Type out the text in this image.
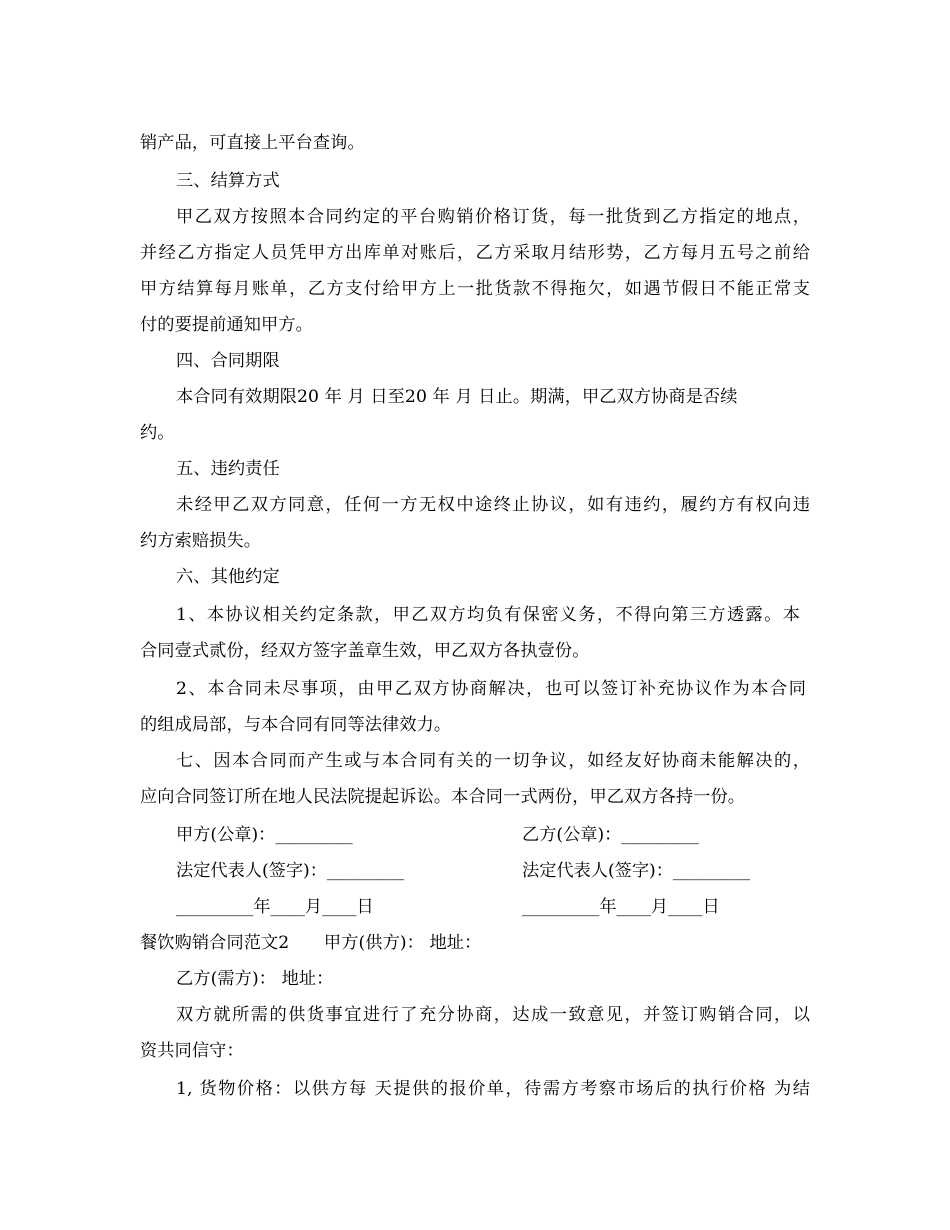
销产品，可直接上平台查询。
三、结算方式
甲乙双方按照本合同约定的平台购销价格订货，每一批货到乙方指定的地点，
并经乙方指定人员凭甲方出库单对账后，乙方采取月结形势，乙方每月五号之前给
甲方结算每月账单，乙方支付给甲方上一批货款不得拖欠，如遇节假日不能正常支
付的要提前通知甲方。
四、合同期限
本合同有效期限20 年 月 日至20 年 月 日止。期满，甲乙双方协商是否续
约。
五、违约责任
未经甲乙双方同意，任何一方无权中途终止协议，如有违约，履约方有权向违
约方索赔损失。
六、其他约定
1、本协议相关约定条款，甲乙双方均负有保密义务，不得向第三方透露。本
合同壹式贰份，经双方签字盖章生效，甲乙双方各执壹份。
2、本合同未尽事项，由甲乙双方协商解决，也可以签订补充协议作为本合同
的组成局部，与本合同有同等法律效力。
七、因本合同而产生或与本合同有关的一切争议，如经友好协商未能解决的，
应向合同签订所在地人民法院提起诉讼。本合同一式两份，甲乙双方各持一份。
甲方(公章)：_________	乙方(公章)：_________
法定代表人(签字)：_________	法定代表人(签字)：_________
_________年____月____日	_________年____月____日
餐饮购销合同范文2　　甲方(供方)： 地址：
乙方(需方)： 地址：
双方就所需的供货事宜进行了充分协商，达成一致意见，并签订购销合同，以
资共同信守：
1, 货物价格：以供方每 天提供的报价单，待需方考察市场后的执行价格 为结
